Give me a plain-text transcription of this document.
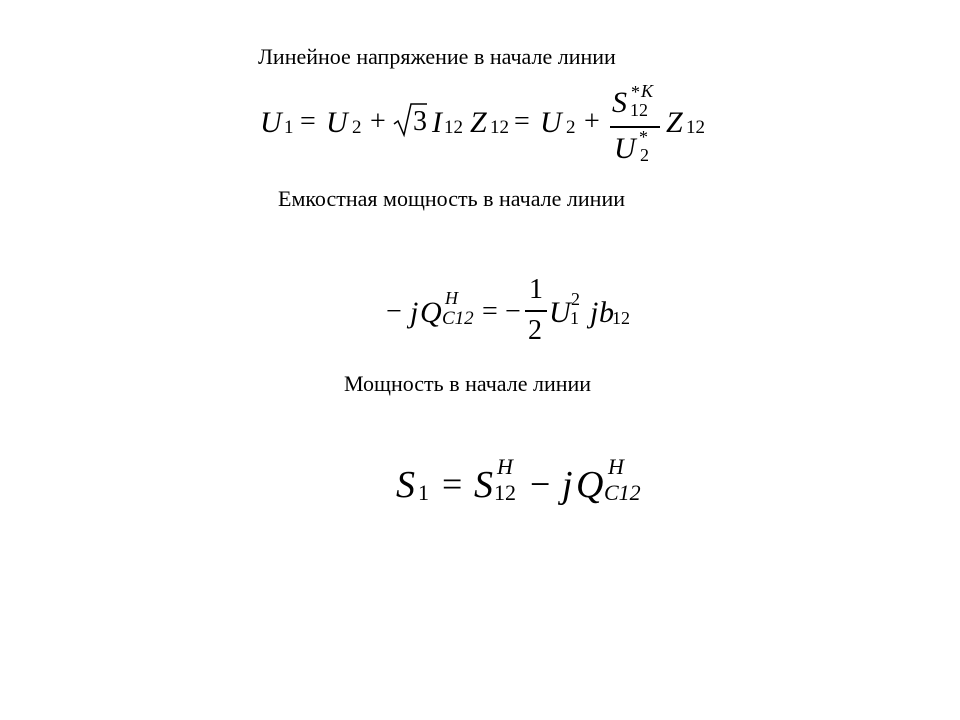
Линейное напряжение в начале линии
U 1 = U 2 + 3 I 12 Z 12 = U 2 +
S * K
12
U *
2
Z 12
Емкостная мощность в начале линии
− j Q H
C12 = −
1
2
U 2
1 j b
12
Мощность в начале линии
S 1 = S H
12 − j Q H
C12
